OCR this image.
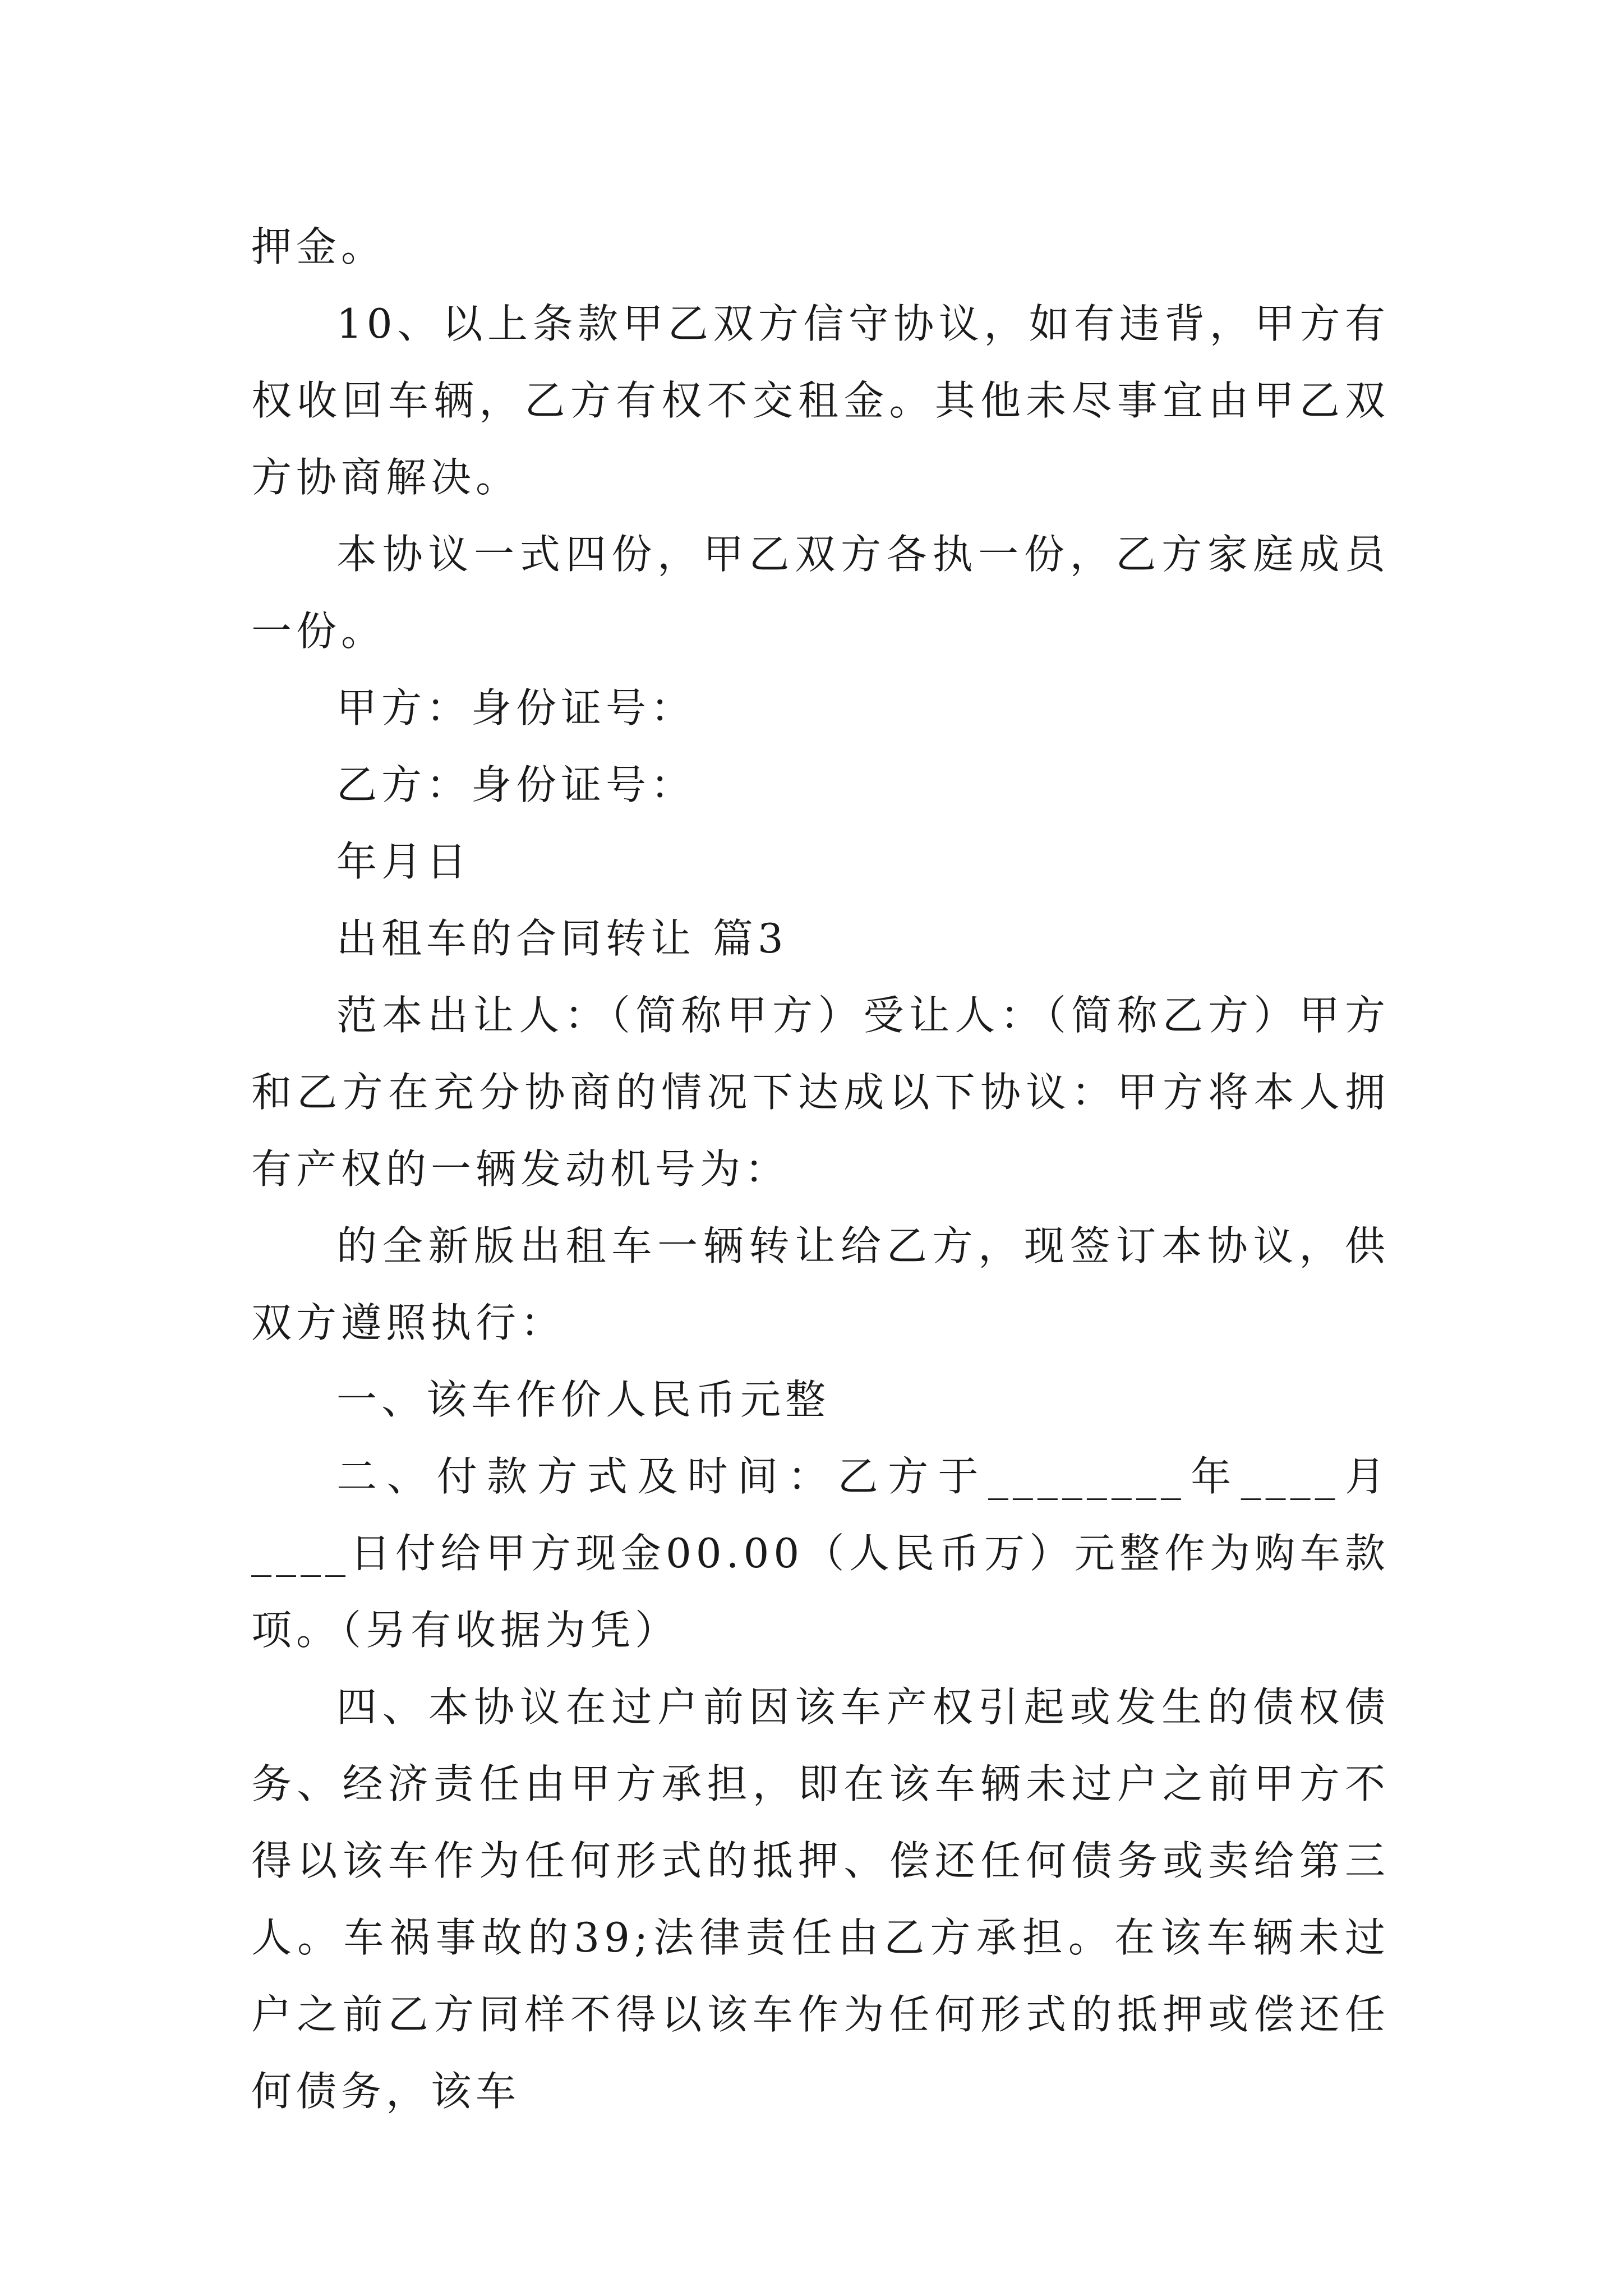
押金。

10、以上条款甲乙双方信守协议，如有违背，甲方有权收回车辆，乙方有权不交租金。其他未尽事宜由甲乙双方协商解决。

本协议一式四份，甲乙双方各执一份，乙方家庭成员一份。

甲方：身份证号：

乙方：身份证号：

年月日

出租车的合同转让 篇3

范本出让人：（简称甲方）受让人：（简称乙方）甲方和乙方在充分协商的情况下达成以下协议：甲方将本人拥有产权的一辆发动机号为：

的全新版出租车一辆转让给乙方，现签订本协议，供双方遵照执行：

一、该车作价人民币元整

二、付款方式及时间：乙方于________年____月____日付给甲方现金00.00（人民币万）元整作为购车款项。（另有收据为凭）

四、本协议在过户前因该车产权引起或发生的债权债务、经济责任由甲方承担，即在该车辆未过户之前甲方不得以该车作为任何形式的抵押、偿还任何债务或卖给第三人。车祸事故的39;法律责任由乙方承担。在该车辆未过户之前乙方同样不得以该车作为任何形式的抵押或偿还任何债务，该车
